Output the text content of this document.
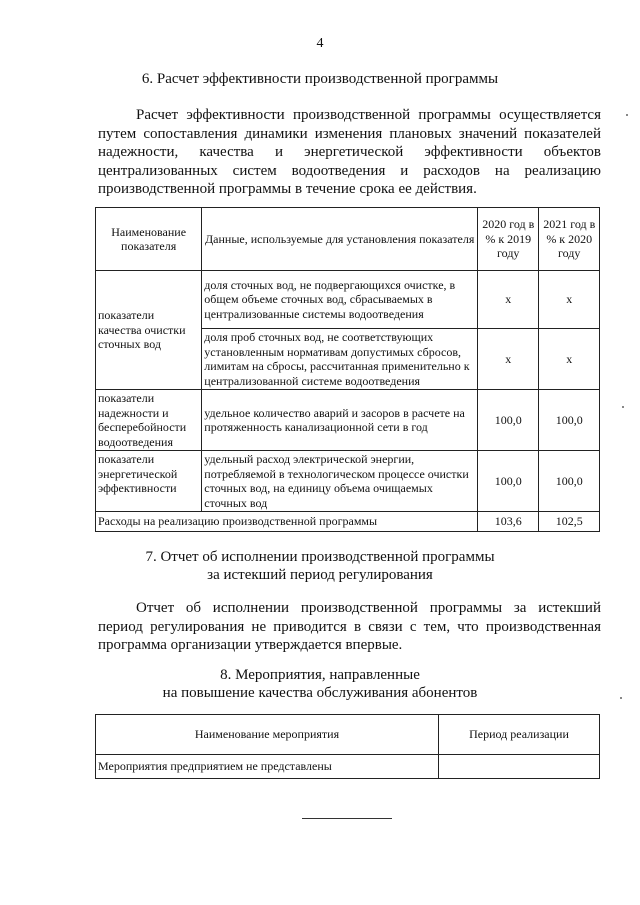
4
6. Расчет эффективности производственной программы
Расчет эффективности производственной программы осуществляется
путем сопоставления динамики изменения плановых значений показателей
надежности, качества и энергетической эффективности объектов
централизованных систем водоотведения и расходов на реализацию
производственной программы в течение срока ее действия.
Наименование показателя	Данные, используемые для установления показателя	2020 год в % к 2019 году	2021 год в % к 2020 году
показатели качества очистки сточных вод	доля сточных вод, не подвергающихся очистке, в общем объеме сточных вод, сбрасываемых в централизованные системы водоотведения	x	x
	доля проб сточных вод, не соответствующих установленным нормативам допустимых сбросов, лимитам на сбросы, рассчитанная применительно к централизованной системе водоотведения	x	x
показатели надежности и бесперебойности водоотведения	удельное количество аварий и засоров в расчете на протяженность канализационной сети в год	100,0	100,0
показатели энергетической эффективности	удельный расход электрической энергии, потребляемой в технологическом процессе очистки сточных вод, на единицу объема очищаемых сточных вод	100,0	100,0
Расходы на реализацию производственной программы		103,6	102,5
7. Отчет об исполнении производственной программы
за истекший период регулирования
Отчет об исполнении производственной программы за истекший
период регулирования не приводится в связи с тем, что производственная
программа организации утверждается впервые.
8. Мероприятия, направленные
на повышение качества обслуживания абонентов
Наименование мероприятия	Период реализации
Мероприятия предприятием не представлены	
